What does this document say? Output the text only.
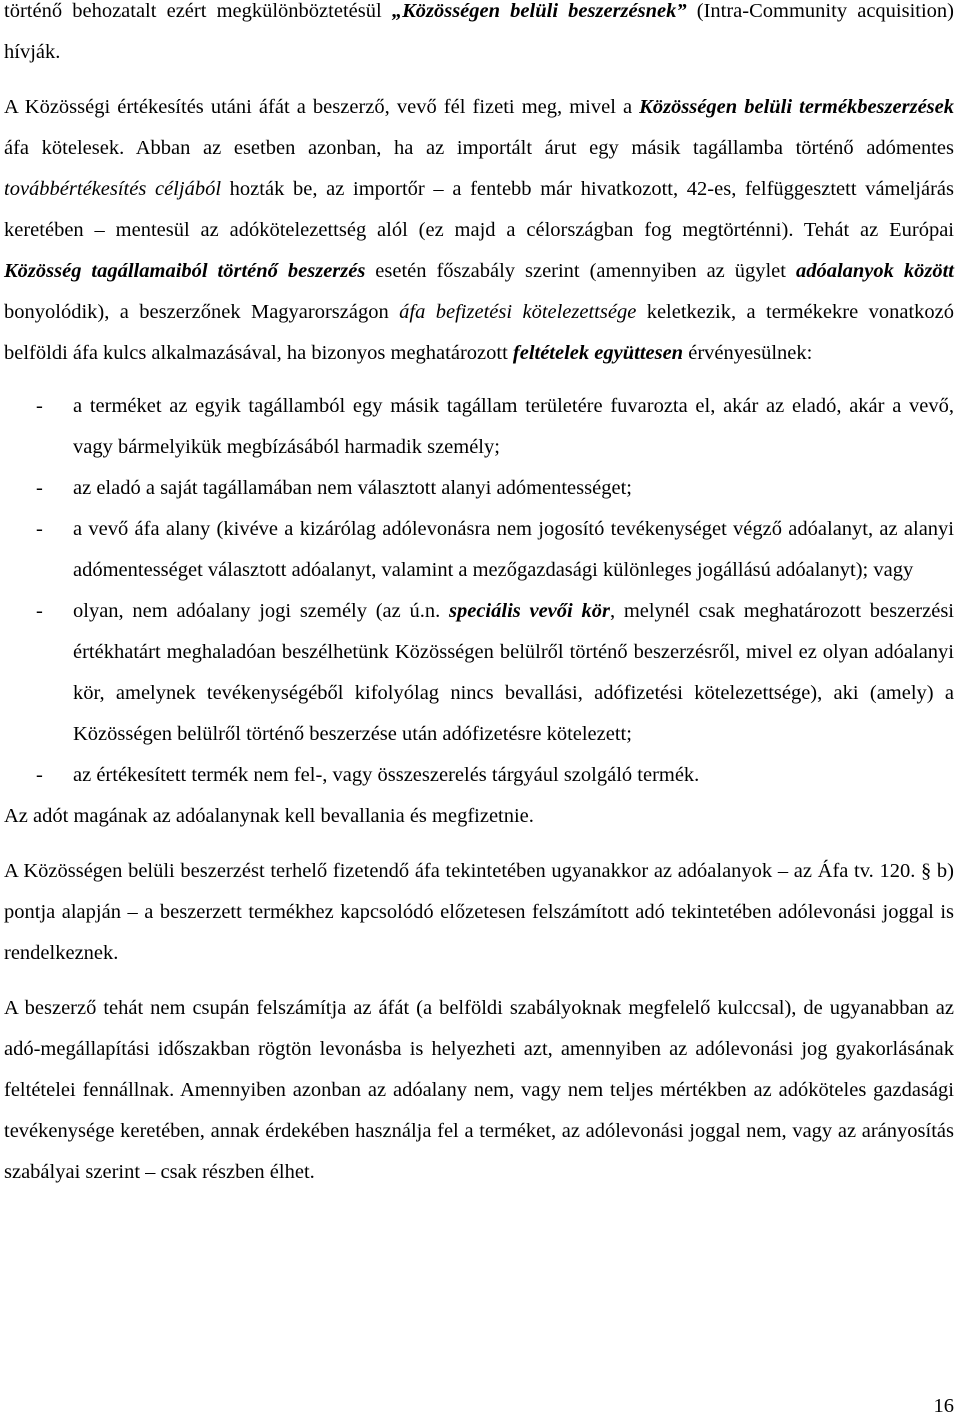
történő behozatalt ezért megkülönböztetésül „Közösségen belüli beszerzésnek” (Intra-Community acquisition) hívják.

A Közösségi értékesítés utáni áfát a beszerző, vevő fél fizeti meg, mivel a Közösségen belüli termékbeszerzések áfa kötelesek. Abban az esetben azonban, ha az importált árut egy másik tagállamba történő adómentes továbbértékesítés céljából hozták be, az importőr – a fentebb már hivatkozott, 42-es, felfüggesztett vámeljárás keretében – mentesül az adókötelezettség alól (ez majd a célországban fog megtörténni). Tehát az Európai Közösség tagállamaiból történő beszerzés esetén főszabály szerint (amennyiben az ügylet adóalanyok között bonyolódik), a beszerzőnek Magyarországon áfa befizetési kötelezettsége keletkezik, a termékekre vonatkozó belföldi áfa kulcs alkalmazásával, ha bizonyos meghatározott feltételek együttesen érvényesülnek:

- a terméket az egyik tagállamból egy másik tagállam területére fuvarozta el, akár az eladó, akár a vevő, vagy bármelyikük megbízásából harmadik személy;
- az eladó a saját tagállamában nem választott alanyi adómentességet;
- a vevő áfa alany (kivéve a kizárólag adólevonásra nem jogosító tevékenységet végző adóalanyt, az alanyi adómentességet választott adóalanyt, valamint a mezőgazdasági különleges jogállású adóalanyt); vagy
- olyan, nem adóalany jogi személy (az ú.n. speciális vevői kör, melynél csak meghatározott beszerzési értékhatárt meghaladóan beszélhetünk Közösségen belülről történő beszerzésről, mivel ez olyan adóalanyi kör, amelynek tevékenységéből kifolyólag nincs bevallási, adófizetési kötelezettsége), aki (amely) a Közösségen belülről történő beszerzése után adófizetésre kötelezett;
- az értékesített termék nem fel-, vagy összeszerelés tárgyául szolgáló termék.

Az adót magának az adóalanynak kell bevallania és megfizetnie.

A Közösségen belüli beszerzést terhelő fizetendő áfa tekintetében ugyanakkor az adóalanyok – az Áfa tv. 120. § b) pontja alapján – a beszerzett termékhez kapcsolódó előzetesen felszámított adó tekintetében adólevonási joggal is rendelkeznek.

A beszerző tehát nem csupán felszámítja az áfát (a belföldi szabályoknak megfelelő kulccsal), de ugyanabban az adó-megállapítási időszakban rögtön levonásba is helyezheti azt, amennyiben az adólevonási jog gyakorlásának feltételei fennállnak. Amennyiben azonban az adóalany nem, vagy nem teljes mértékben az adóköteles gazdasági tevékenysége keretében, annak érdekében használja fel a terméket, az adólevonási joggal nem, vagy az arányosítás szabályai szerint – csak részben élhet.

16
